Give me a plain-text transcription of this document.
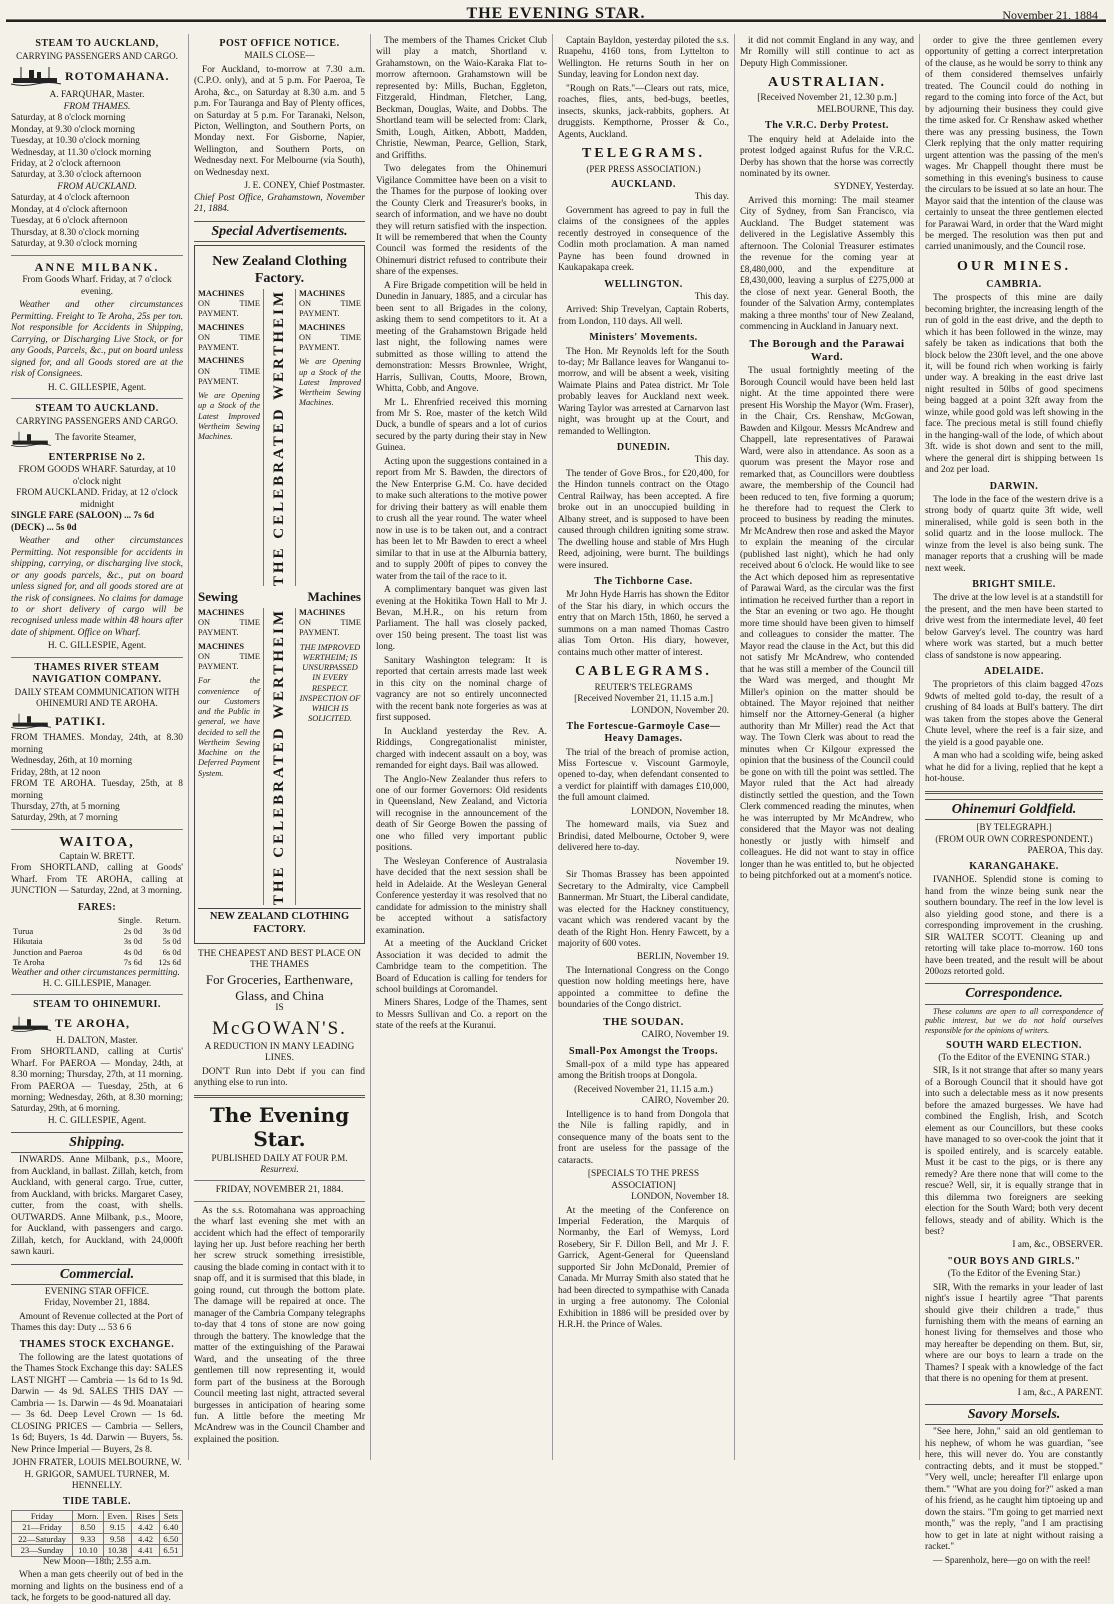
THE EVENING STAR.	November 21, 1884
STEAM TO AUCKLAND,
CARRYING PASSENGERS AND CARGO.
ROTOMAHANA.
A. FARQUHAR, Master.
FROM THAMES.
Saturday, at 8 o'clock morning
Monday, at 9.30 o'clock morning
Tuesday, at 10.30 o'clock morning
Wednesday, at 11.30 o'clock morning
Friday, at 2 o'clock afternoon
Saturday, at 3.30 o'clock afternoon
FROM AUCKLAND.
Saturday, at 4 o'clock afternoon
Monday, at 4 o'clock afternoon
Tuesday, at 6 o'clock afternoon
Thursday, at 8.30 o'clock morning
Saturday, at 9.30 o'clock morning
ANNE MILBANK.
From Goods Wharf. Friday, at 7 o'clock evening.

Weather and other circumstances Permitting. Freight to Te Aroha, 25s per ton. Not responsible for Accidents in Shipping, Carrying, or Discharging Live Stock, or for any Goods, Parcels, &c., put on board unless signed for, and all Goods stored are at the risk of Consignees.

H. C. GILLESPIE, Agent.
STEAM TO AUCKLAND.
CARRYING PASSENGERS AND CARGO.
The favorite Steamer,
ENTERPRISE No 2.
FROM GOODS WHARF. Saturday, at 10 o'clock night
FROM AUCKLAND. Friday, at 12 o'clock midnight
SINGLE FARE (SALOON) ... 7s 6d
(DECK) ... 5s 0d

Weather and other circumstances Permitting. Not responsible for accidents in shipping, carrying, or discharging live stock, or any goods parcels, &c., put on board unless signed for, and all goods stored are at the risk of consignees. No claims for damage to or short delivery of cargo will be recognised unless made within 48 hours after date of shipment. Office on Wharf.

H. C. GILLESPIE, Agent.
THAMES RIVER STEAM NAVIGATION COMPANY.
DAILY STEAM COMMUNICATION WITH OHINEMURI AND TE AROHA.
PATIKI.
FROM THAMES. Monday, 24th, at 8.30 morning
Wednesday, 26th, at 10 morning
Friday, 28th, at 12 noon
FROM TE AROHA. Tuesday, 25th, at 8 morning
Thursday, 27th, at 5 morning
Saturday, 29th, at 7 morning
WAITOA,
Captain W. BRETT.
From SHORTLAND, calling at Goods' Wharf. From TE AROHA, calling at JUNCTION — Saturday, 22nd, at 3 morning.
FARES:
	Single.	Return.
Turua	2s 0d	3s 0d
Hikutaia	3s 0d	5s 0d
Junction and Paeroa	4s 0d	6s 0d
Te Aroha	7s 6d	12s 6d
Weather and other circumstances permitting.
H. C. GILLESPIE, Manager.
STEAM TO OHINEMURI.
TE AROHA,
H. DALTON, Master.
From SHORTLAND, calling at Curtis' Wharf. For PAEROA — Monday, 24th, at 8.30 morning; Thursday, 27th, at 11 morning. From PAEROA — Tuesday, 25th, at 6 morning; Wednesday, 26th, at 8.30 morning; Saturday, 29th, at 6 morning.
H. C. GILLESPIE, Agent.
Shipping.

INWARDS. Anne Milbank, p.s., Moore, from Auckland, in ballast. Zillah, ketch, from Auckland, with general cargo. True, cutter, from Auckland, with bricks. Margaret Casey, cutter, from the coast, with shells. OUTWARDS. Anne Milbank, p.s., Moore, for Auckland, with passengers and cargo. Zillah, ketch, for Auckland, with 24,000ft sawn kauri.

Commercial.
EVENING STAR OFFICE.
Friday, November 21, 1884.

Amount of Revenue collected at the Port of Thames this day: Duty ... 53 6 6

THAMES STOCK EXCHANGE.

The following are the latest quotations of the Thames Stock Exchange this day: SALES LAST NIGHT — Cambria — 1s 6d to 1s 9d. Darwin — 4s 9d. SALES THIS DAY — Cambria — 1s. Darwin — 4s 9d. Moanataiari — 3s 6d. Deep Level Crown — 1s 6d. CLOSING PRICES — Cambria — Sellers, 1s 6d; Buyers, 1s 4d. Darwin — Buyers, 5s. New Prince Imperial — Buyers, 2s 8.

JOHN FRATER, LOUIS MELBOURNE, W. H. GRIGOR, SAMUEL TURNER, M. HENNELLY.
TIDE TABLE.
Friday	Morn.	Even.	Rises	Sets
21—Friday	8.50	9.15	4.42	6.40
22—Saturday	9.33	9.58	4.42	6.50
23—Sunday	10.10	10.38	4.41	6.51
New Moon—18th; 2.55 a.m.

When a man gets cheerily out of bed in the morning and lights on the business end of a tack, he forgets to be good-natured all day.

POST OFFICE NOTICE.
MAILS CLOSE—

For Auckland, to-morrow at 7.30 a.m. (C.P.O. only), and at 5 p.m. For Paeroa, Te Aroha, &c., on Saturday at 8.30 a.m. and 5 p.m. For Tauranga and Bay of Plenty offices, on Saturday at 5 p.m. For Taranaki, Nelson, Picton, Wellington, and Southern Ports, on Monday next. For Gisborne, Napier, Wellington, and Southern Ports, on Wednesday next. For Melbourne (via South), on Wednesday next.

J. E. CONEY, Chief Postmaster.
Chief Post Office, Grahamstown, November 21, 1884.
Special Advertisements.
New Zealand Clothing Factory.
MACHINES
ON TIME PAYMENT.
MACHINES
ON TIME PAYMENT.
MACHINES
ON TIME PAYMENT.
We are Opening up a Stock of the Latest Improved Wertheim Sewing Machines.	THE CELEBRATED WERTHEIM MACHINES
ON TIME PAYMENT.
MACHINES
ON TIME PAYMENT.
We are Opening up a Stock of the Latest Improved Wertheim Sewing Machines.
Sewing	Machines
MACHINES
ON TIME PAYMENT.
MACHINES
ON TIME PAYMENT.
For the convenience of our Customers and the Public in general, we have decided to sell the Wertheim Sewing Machine on the Deferred Payment System.	THE CELEBRATED WERTHEIM MACHINES
ON TIME PAYMENT.
THE IMPROVED WERTHEIM; IS UNSURPASSED IN EVERY RESPECT. INSPECTION OF WHICH IS SOLICITED.
NEW ZEALAND CLOTHING FACTORY.
THE CHEAPEST AND BEST PLACE ON THE THAMES
For Groceries, Earthenware, Glass, and China
IS
McGOWAN'S.
A REDUCTION IN MANY LEADING LINES.

DON'T Run into Debt if you can find anything else to run into.

The Evening Star.
PUBLISHED DAILY AT FOUR P.M.
Resurrexi.
FRIDAY, NOVEMBER 21, 1884.

As the s.s. Rotomahana was approaching the wharf last evening she met with an accident which had the effect of temporarily laying her up. Just before reaching her berth her screw struck something irresistible, causing the blade coming in contact with it to snap off, and it is surmised that this blade, in going round, cut through the bottom plate. The damage will be repaired at once. The manager of the Cambria Company telegraphs to-day that 4 tons of stone are now going through the battery. The knowledge that the matter of the extinguishing of the Parawai Ward, and the unseating of the three gentlemen till now representing it, would form part of the business at the Borough Council meeting last night, attracted several burgesses in anticipation of hearing some fun. A little before the meeting Mr McAndrew was in the Council Chamber and explained the position.

The members of the Thames Cricket Club will play a match, Shortland v. Grahamstown, on the Waio-Karaka Flat to-morrow afternoon. Grahamstown will be represented by: Mills, Buchan, Eggleton, Fitzgerald, Hindman, Fletcher, Lang, Beckman, Douglas, Waite, and Dobbs. The Shortland team will be selected from: Clark, Smith, Lough, Aitken, Abbott, Madden, Christie, Newman, Pearce, Gellion, Stark, and Griffiths.

Two delegates from the Ohinemuri Vigilance Committee have been on a visit to the Thames for the purpose of looking over the County Clerk and Treasurer's books, in search of information, and we have no doubt they will return satisfied with the inspection. It will be remembered that when the County Council was formed the residents of the Ohinemuri district refused to contribute their share of the expenses.

A Fire Brigade competition will be held in Dunedin in January, 1885, and a circular has been sent to all Brigades in the colony, asking them to send competitors to it. At a meeting of the Grahamstown Brigade held last night, the following names were submitted as those willing to attend the demonstration: Messrs Brownlee, Wright, Harris, Sullivan, Coutts, Moore, Brown, Whitta, Cobb, and Angove.

Mr L. Ehrenfried received this morning from Mr S. Roe, master of the ketch Wild Duck, a bundle of spears and a lot of curios secured by the party during their stay in New Guinea.

Acting upon the suggestions contained in a report from Mr S. Bawden, the directors of the New Enterprise G.M. Co. have decided to make such alterations to the motive power for driving their battery as will enable them to crush all the year round. The water wheel now in use is to be taken out, and a contract has been let to Mr Bawden to erect a wheel similar to that in use at the Alburnia battery, and to supply 200ft of pipes to convey the water from the tail of the race to it.

A complimentary banquet was given last evening at the Hokitika Town Hall to Mr J. Bevan, M.H.R., on his return from Parliament. The hall was closely packed, over 150 being present. The toast list was long.

Sanitary Washington telegram: It is reported that certain arrests made last week in this city on the nominal charge of vagrancy are not so entirely unconnected with the recent bank note forgeries as was at first supposed.

In Auckland yesterday the Rev. A. Riddings, Congregationalist minister, charged with indecent assault on a boy, was remanded for eight days. Bail was allowed.

The Anglo-New Zealander thus refers to one of our former Governors: Old residents in Queensland, New Zealand, and Victoria will recognise in the announcement of the death of Sir George Bowen the passing of one who filled very important public positions.

The Wesleyan Conference of Australasia have decided that the next session shall be held in Adelaide. At the Wesleyan General Conference yesterday it was resolved that no candidate for admission to the ministry shall be accepted without a satisfactory examination.

At a meeting of the Auckland Cricket Association it was decided to admit the Cambridge team to the competition. The Board of Education is calling for tenders for school buildings at Coromandel.

Miners Shares, Lodge of the Thames, sent to Messrs Sullivan and Co. a report on the state of the reefs at the Kuranui.

Captain Bayldon, yesterday piloted the s.s. Ruapehu, 4160 tons, from Lyttelton to Wellington. He returns South in her on Sunday, leaving for London next day.

"Rough on Rats."—Clears out rats, mice, roaches, flies, ants, bed-bugs, beetles, insects, skunks, jack-rabbits, gophers. At druggists. Kempthorne, Prosser & Co., Agents, Auckland.

TELEGRAMS.
(PER PRESS ASSOCIATION.)
AUCKLAND.
This day.

Government has agreed to pay in full the claims of the consignees of the apples recently destroyed in consequence of the Codlin moth proclamation. A man named Payne has been found drowned in Kaukapakapa creek.

WELLINGTON.
This day.

Arrived: Ship Trevelyan, Captain Roberts, from London, 110 days. All well.

Ministers' Movements.

The Hon. Mr Reynolds left for the South to-day; Mr Ballance leaves for Wanganui to-morrow, and will be absent a week, visiting Waimate Plains and Patea district. Mr Tole probably leaves for Auckland next week. Waring Taylor was arrested at Carnarvon last night, was brought up at the Court, and remanded to Wellington.

DUNEDIN.
This day.

The tender of Gove Bros., for £20,400, for the Hindon tunnels contract on the Otago Central Railway, has been accepted. A fire broke out in an unoccupied building in Albany street, and is supposed to have been caused through children igniting some straw. The dwelling house and stable of Mrs Hugh Reed, adjoining, were burnt. The buildings were insured.

The Tichborne Case.

Mr John Hyde Harris has shown the Editor of the Star his diary, in which occurs the entry that on March 15th, 1860, he served a summons on a man named Thomas Castro alias Tom Orton. His diary, however, contains much other matter of interest.

CABLEGRAMS.
REUTER'S TELEGRAMS
[Received November 21, 11.15 a.m.]
LONDON, November 20.
The Fortescue-Garmoyle Case—Heavy Damages.

The trial of the breach of promise action, Miss Fortescue v. Viscount Garmoyle, opened to-day, when defendant consented to a verdict for plaintiff with damages £10,000, the full amount claimed.

LONDON, November 18.

The homeward mails, via Suez and Brindisi, dated Melbourne, October 9, were delivered here to-day.

November 19.

Sir Thomas Brassey has been appointed Secretary to the Admiralty, vice Campbell Bannerman. Mr Stuart, the Liberal candidate, was elected for the Hackney constituency, vacant which was rendered vacant by the death of the Right Hon. Henry Fawcett, by a majority of 600 votes.

BERLIN, November 19.

The International Congress on the Congo question now holding meetings here, have appointed a committee to define the boundaries of the Congo district.

THE SOUDAN.
CAIRO, November 19.
Small-Pox Amongst the Troops.

Small-pox of a mild type has appeared among the British troops at Dongola.

(Received November 21, 11.15 a.m.)
CAIRO, November 20.

Intelligence is to hand from Dongola that the Nile is falling rapidly, and in consequence many of the boats sent to the front are useless for the passage of the cataracts.

[SPECIALS TO THE PRESS ASSOCIATION]
LONDON, November 18.

At the meeting of the Conference on Imperial Federation, the Marquis of Normanby, the Earl of Wemyss, Lord Rosebery, Sir F. Dillon Bell, and Mr J. F. Garrick, Agent-General for Queensland supported Sir John McDonald, Premier of Canada. Mr Murray Smith also stated that he had been directed to sympathise with Canada in urging a free autonomy. The Colonial Exhibition in 1886 will be presided over by H.R.H. the Prince of Wales.

it did not commit England in any way, and Mr Romilly will still continue to act as Deputy High Commissioner.

AUSTRALIAN.
[Received November 21, 12.30 p.m.]
MELBOURNE, This day.
The V.R.C. Derby Protest.

The enquiry held at Adelaide into the protest lodged against Rufus for the V.R.C. Derby has shown that the horse was correctly nominated by its owner.

SYDNEY, Yesterday.

Arrived this morning: The mail steamer City of Sydney, from San Francisco, via Auckland. The Budget statement was delivered in the Legislative Assembly this afternoon. The Colonial Treasurer estimates the revenue for the coming year at £8,480,000, and the expenditure at £8,430,000, leaving a surplus of £275,000 at the close of next year. General Booth, the founder of the Salvation Army, contemplates making a three months' tour of New Zealand, commencing in Auckland in January next.

The Borough and the Parawai Ward.

The usual fortnightly meeting of the Borough Council would have been held last night. At the time appointed there were present His Worship the Mayor (Wm. Fraser), in the Chair, Crs. Renshaw, McGowan, Bawden and Kilgour. Messrs McAndrew and Chappell, late representatives of Parawai Ward, were also in attendance. As soon as a quorum was present the Mayor rose and remarked that, as Councillors were doubtless aware, the membership of the Council had been reduced to ten, five forming a quorum; he therefore had to request the Clerk to proceed to business by reading the minutes. Mr McAndrew then rose and asked the Mayor to explain the meaning of the circular (published last night), which he had only received about 6 o'clock. He would like to see the Act which deposed him as representative of Parawai Ward, as the circular was the first intimation he received further than a report in the Star an evening or two ago. He thought more time should have been given to himself and colleagues to consider the matter. The Mayor read the clause in the Act, but this did not satisfy Mr McAndrew, who contended that he was still a member of the Council till the Ward was merged, and thought Mr Miller's opinion on the matter should be obtained. The Mayor rejoined that neither himself nor the Attorney-General (a higher authority than Mr Miller) read the Act that way. The Town Clerk was about to read the minutes when Cr Kilgour expressed the opinion that the business of the Council could be gone on with till the point was settled. The Mayor ruled that the Act had already distinctly settled the question, and the Town Clerk commenced reading the minutes, when he was interrupted by Mr McAndrew, who considered that the Mayor was not dealing honestly or justly with himself and colleagues. He did not want to stay in office longer than he was entitled to, but he objected to being pitchforked out at a moment's notice.

order to give the three gentlemen every opportunity of getting a correct interpretation of the clause, as he would be sorry to think any of them considered themselves unfairly treated. The Council could do nothing in regard to the coming into force of the Act, but by adjourning their business they could give the time asked for. Cr Renshaw asked whether there was any pressing business, the Town Clerk replying that the only matter requiring urgent attention was the passing of the men's wages. Mr Chappell thought there must be something in this evening's business to cause the circulars to be issued at so late an hour. The Mayor said that the intention of the clause was certainly to unseat the three gentlemen elected for Parawai Ward, in order that the Ward might be merged. The resolution was then put and carried unanimously, and the Council rose.

OUR MINES.
CAMBRIA.

The prospects of this mine are daily becoming brighter, the increasing length of the run of gold in the east drive, and the depth to which it has been followed in the winze, may safely be taken as indications that both the block below the 230ft level, and the one above it, will be found rich when working is fairly under way. A breaking in the east drive last night resulted in 50lbs of good specimens being bagged at a point 32ft away from the winze, while good gold was left showing in the face. The precious metal is still found chiefly in the hanging-wall of the lode, of which about 3ft. wide is shot down and sent to the mill, where the general dirt is shipping between 1s and 2oz per load.

DARWIN.

The lode in the face of the western drive is a strong body of quartz quite 3ft wide, well mineralised, while gold is seen both in the solid quartz and in the loose mullock. The winze from the level is also being sunk. The manager reports that a crushing will be made next week.

BRIGHT SMILE.

The drive at the low level is at a standstill for the present, and the men have been started to drive west from the intermediate level, 40 feet below Garvey's level. The country was hard where work was started, but a much better class of sandstone is now appearing.

ADELAIDE.

The proprietors of this claim bagged 47ozs 9dwts of melted gold to-day, the result of a crushing of 84 loads at Bull's battery. The dirt was taken from the stopes above the General Chute level, where the reef is a fair size, and the yield is a good payable one.

A man who had a scolding wife, being asked what he did for a living, replied that he kept a hot-house.

Ohinemuri Goldfield.
[BY TELEGRAPH.]
(FROM OUR OWN CORRESPONDENT.)
PAEROA, This day.
KARANGAHAKE.

IVANHOE. Splendid stone is coming to hand from the winze being sunk near the southern boundary. The reef in the low level is also yielding good stone, and there is a corresponding improvement in the crushing. SIR WALTER SCOTT. Cleaning up and retorting will take place to-morrow. 160 tons have been treated, and the result will be about 200ozs retorted gold.

Correspondence.

These columns are open to all correspondence of public interest, but we do not hold ourselves responsible for the opinions of writers.

SOUTH WARD ELECTION.
(To the Editor of the EVENING STAR.)

SIR, Is it not strange that after so many years of a Borough Council that it should have got into such a delectable mess as it now presents before the amazed burgesses. We have had combined the English, Irish, and Scotch element as our Councillors, but these cooks have managed to so over-cook the joint that it is spoiled entirely, and is scarcely eatable. Must it be cast to the pigs, or is there any remedy? Are there none that will come to the rescue? Well, sir, it is equally strange that in this dilemma two foreigners are seeking election for the South Ward; both very decent fellows, steady and of ability. Which is the best?

I am, &c., OBSERVER.
"OUR BOYS AND GIRLS."
(To the Editor of the Evening Star.)

SIR, With the remarks in your leader of last night's issue I heartily agree "That parents should give their children a trade," thus furnishing them with the means of earning an honest living for themselves and those who may hereafter be depending on them. But, sir, where are our boys to learn a trade on the Thames? I speak with a knowledge of the fact that there is no opening for them at present.

I am, &c., A PARENT.
Savory Morsels.

"See here, John," said an old gentleman to his nephew, of whom he was guardian, "see here, this will never do. You are constantly contracting debts, and it must be stopped." "Very well, uncle; hereafter I'll enlarge upon them." "What are you doing for?" asked a man of his friend, as he caught him tiptoeing up and down the stairs. "I'm going to get married next month," was the reply, "and I am practising how to get in late at night without raising a racket."

— Sparenholz, here—go on with the reel!
